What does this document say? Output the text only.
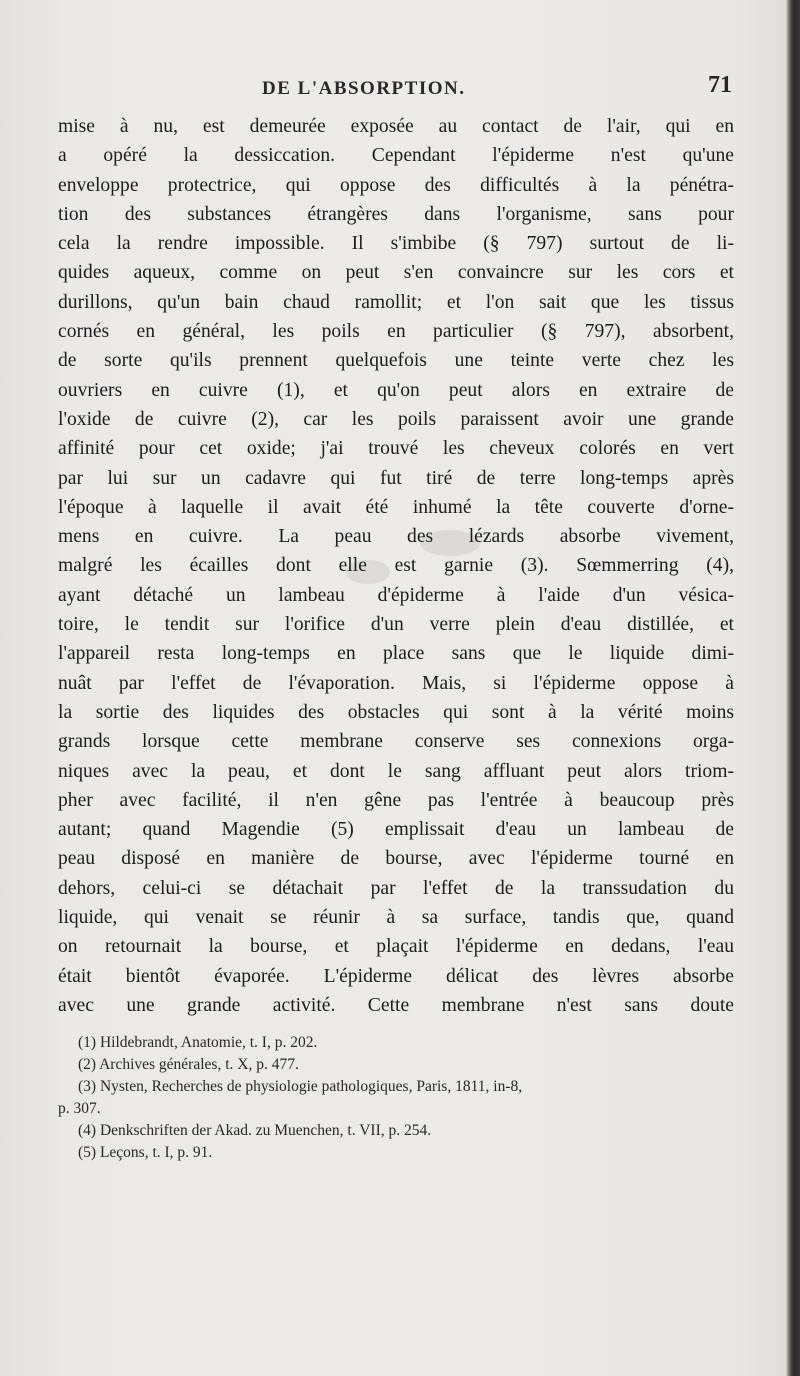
DE L'ABSORPTION.	71
mise à nu, est demeurée exposée au contact de l'air, qui en
a opéré la dessiccation. Cependant l'épiderme n'est qu'une
enveloppe protectrice, qui oppose des difficultés à la pénétra-
tion des substances étrangères dans l'organisme, sans pour
cela la rendre impossible. Il s'imbibe (§ 797) surtout de li-
quides aqueux, comme on peut s'en convaincre sur les cors et
durillons, qu'un bain chaud ramollit; et l'on sait que les tissus
cornés en général, les poils en particulier (§ 797), absorbent,
de sorte qu'ils prennent quelquefois une teinte verte chez les
ouvriers en cuivre (1), et qu'on peut alors en extraire de
l'oxide de cuivre (2), car les poils paraissent avoir une grande
affinité pour cet oxide; j'ai trouvé les cheveux colorés en vert
par lui sur un cadavre qui fut tiré de terre long-temps après
l'époque à laquelle il avait été inhumé la tête couverte d'orne-
mens en cuivre. La peau des lézards absorbe vivement,
malgré les écailles dont elle est garnie (3). Sœmmerring (4),
ayant détaché un lambeau d'épiderme à l'aide d'un vésica-
toire, le tendit sur l'orifice d'un verre plein d'eau distillée, et
l'appareil resta long-temps en place sans que le liquide dimi-
nuât par l'effet de l'évaporation. Mais, si l'épiderme oppose à
la sortie des liquides des obstacles qui sont à la vérité moins
grands lorsque cette membrane conserve ses connexions orga-
niques avec la peau, et dont le sang affluant peut alors triom-
pher avec facilité, il n'en gêne pas l'entrée à beaucoup près
autant; quand Magendie (5) emplissait d'eau un lambeau de
peau disposé en manière de bourse, avec l'épiderme tourné en
dehors, celui-ci se détachait par l'effet de la transsudation du
liquide, qui venait se réunir à sa surface, tandis que, quand
on retournait la bourse, et plaçait l'épiderme en dedans, l'eau
était bientôt évaporée. L'épiderme délicat des lèvres absorbe
avec une grande activité. Cette membrane n'est sans doute
(1) Hildebrandt, Anatomie, t. I, p. 202.
(2) Archives générales, t. X, p. 477.
(3) Nysten, Recherches de physiologie pathologiques, Paris, 1811, in-8,
p. 307.
(4) Denkschriften der Akad. zu Muenchen, t. VII, p. 254.
(5) Leçons, t. I, p. 91.
